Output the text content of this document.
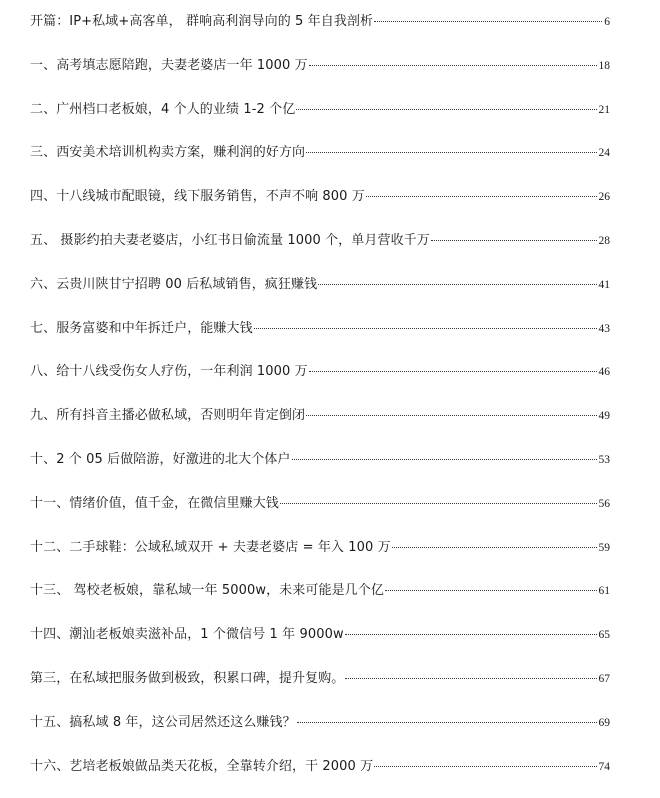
开篇：IP+私域+高客单， 群响高利润导向的 5 年自我剖析	6
一、高考填志愿陪跑，夫妻老婆店一年 1000 万	18
二、广州档口老板娘，4 个人的业绩 1-2 个亿	21
三、西安美术培训机构卖方案，赚利润的好方向	24
四、十八线城市配眼镜，线下服务销售，不声不响 800 万	26
五、 摄影约拍夫妻老婆店，小红书日偷流量 1000 个，单月营收千万	28
六、云贵川陕甘宁招聘 00 后私域销售，疯狂赚钱	41
七、服务富婆和中年拆迁户，能赚大钱	43
八、给十八线受伤女人疗伤，一年利润 1000 万	46
九、所有抖音主播必做私域，否则明年肯定倒闭	49
十、2 个 05 后做陪游，好激进的北大个体户	53
十一、情绪价值，值千金，在微信里赚大钱	56
十二、二手球鞋：公域私域双开 + 夫妻老婆店 = 年入 100 万	59
十三、 驾校老板娘，靠私域一年 5000w，未来可能是几个亿	61
十四、潮汕老板娘卖滋补品，1 个微信号 1 年 9000w	65
第三，在私域把服务做到极致，积累口碑，提升复购。	67
十五、搞私域 8 年，这公司居然还这么赚钱？	69
十六、艺培老板娘做品类天花板，全靠转介绍，干 2000 万	74
